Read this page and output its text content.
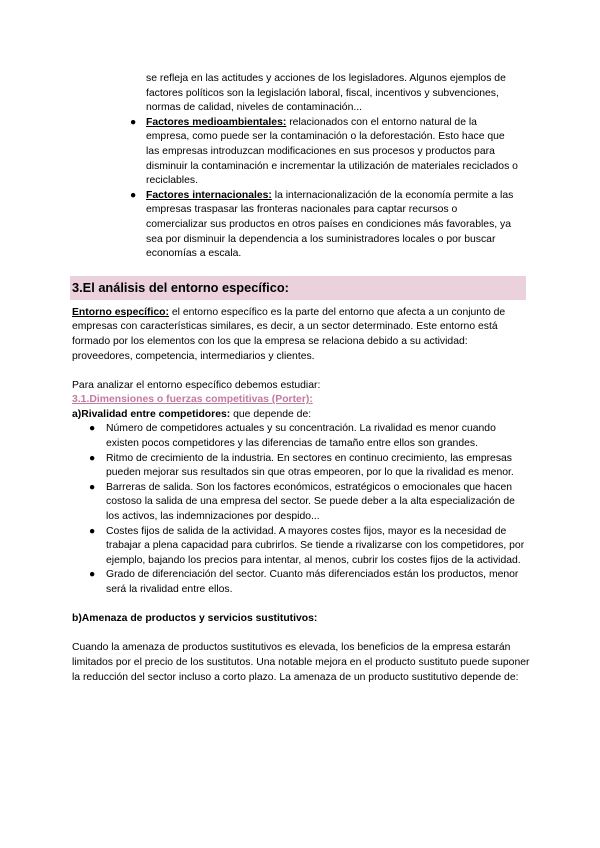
se refleja en las actitudes y acciones de los legisladores. Algunos ejemplos de factores políticos son la legislación laboral, fiscal, incentivos y subvenciones, normas de calidad, niveles de contaminación...
● Factores medioambientales: relacionados con el entorno natural de la empresa, como puede ser la contaminación o la deforestación. Esto hace que las empresas introduzcan modificaciones en sus procesos y productos para disminuir la contaminación e incrementar la utilización de materiales reciclados o reciclables.
● Factores internacionales: la internacionalización de la economía permite a las empresas traspasar las fronteras nacionales para captar recursos o comercializar sus productos en otros países en condiciones más favorables, ya sea por disminuir la dependencia a los suministradores locales o por buscar economías a escala.
3.El análisis del entorno específico:
Entorno específico: el entorno específico es la parte del entorno que afecta a un conjunto de empresas con características similares, es decir, a un sector determinado. Este entorno está formado por los elementos con los que la empresa se relaciona debido a su actividad: proveedores, competencia, intermediarios y clientes.
Para analizar el entorno específico debemos estudiar:
3.1.Dimensiones o fuerzas competitivas (Porter):
a)Rivalidad entre competidores: que depende de:
● Número de competidores actuales y su concentración. La rivalidad es menor cuando existen pocos competidores y las diferencias de tamaño entre ellos son grandes.
● Ritmo de crecimiento de la industria. En sectores en continuo crecimiento, las empresas pueden mejorar sus resultados sin que otras empeoren, por lo que la rivalidad es menor.
● Barreras de salida. Son los factores económicos, estratégicos o emocionales que hacen costoso la salida de una empresa del sector. Se puede deber a la alta especialización de los activos, las indemnizaciones por despido...
● Costes fijos de salida de la actividad. A mayores costes fijos, mayor es la necesidad de trabajar a plena capacidad para cubrirlos. Se tiende a rivalizarse con los competidores, por ejemplo, bajando los precios para intentar, al menos, cubrir los costes fijos de la actividad.
● Grado de diferenciación del sector. Cuanto más diferenciados están los productos, menor será la rivalidad entre ellos.
b)Amenaza de productos y servicios sustitutivos:
Cuando la amenaza de productos sustitutivos es elevada, los beneficios de la empresa estarán limitados por el precio de los sustitutos. Una notable mejora en el producto sustituto puede suponer la reducción del sector incluso a corto plazo. La amenaza de un producto sustitutivo depende de:
